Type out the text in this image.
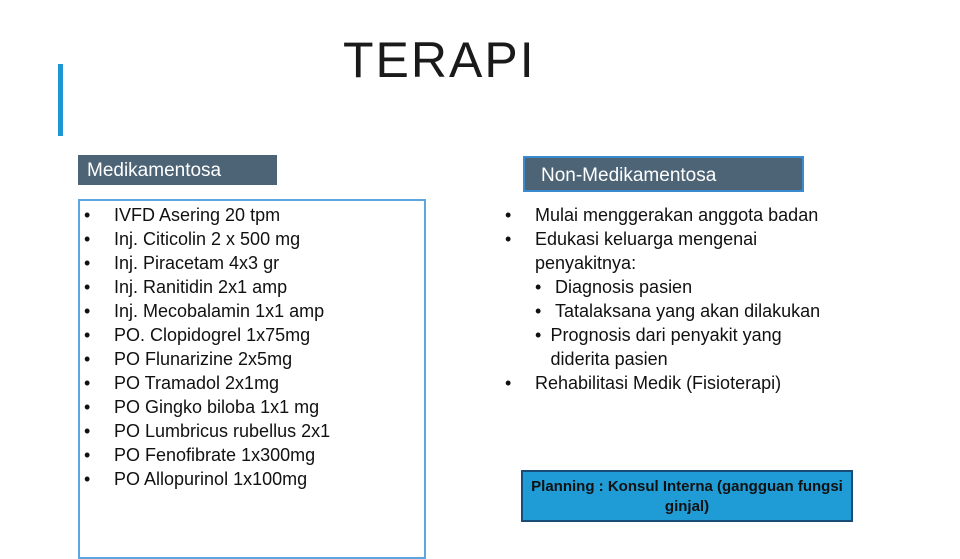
TERAPI
Medikamentosa	Non-Medikamentosa
•	IVFD Asering 20 tpm
•	Inj. Citicolin 2 x 500 mg
•	Inj. Piracetam 4x3 gr
•	Inj. Ranitidin 2x1 amp
•	Inj. Mecobalamin 1x1 amp
•	PO. Clopidogrel 1x75mg
•	PO Flunarizine 2x5mg
•	PO Tramadol 2x1mg
•	PO Gingko biloba 1x1 mg
•	PO Lumbricus rubellus 2x1
•	PO Fenofibrate 1x300mg
•	PO Allopurinol 1x100mg
•	Mulai menggerakan anggota badan
•	Edukasi keluarga mengenai penyakitnya:
• Diagnosis pasien
• Tatalaksana yang akan dilakukan
• Prognosis dari penyakit yang diderita pasien
•	Rehabilitasi Medik (Fisioterapi)
Planning : Konsul Interna (gangguan fungsi ginjal)
